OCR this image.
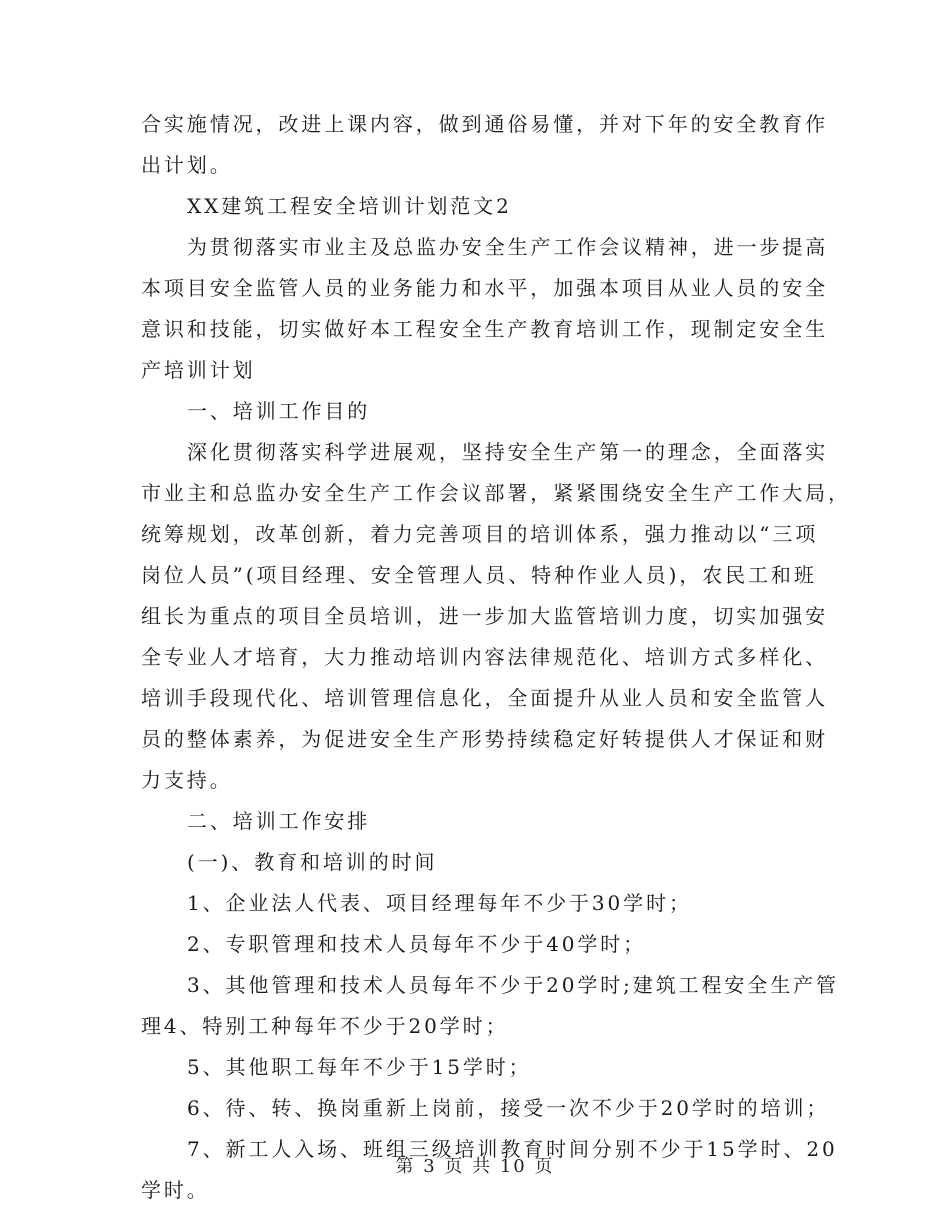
合实施情况，改进上课内容，做到通俗易懂，并对下年的安全教育作
出计划。
XX建筑工程安全培训计划范文2
为贯彻落实市业主及总监办安全生产工作会议精神，进一步提高
本项目安全监管人员的业务能力和水平，加强本项目从业人员的安全
意识和技能，切实做好本工程安全生产教育培训工作，现制定安全生
产培训计划
一、培训工作目的
深化贯彻落实科学进展观，坚持安全生产第一的理念，全面落实
市业主和总监办安全生产工作会议部署，紧紧围绕安全生产工作大局，
统筹规划，改革创新，着力完善项目的培训体系，强力推动以“三项
岗位人员”(项目经理、安全管理人员、特种作业人员)，农民工和班
组长为重点的项目全员培训，进一步加大监管培训力度，切实加强安
全专业人才培育，大力推动培训内容法律规范化、培训方式多样化、
培训手段现代化、培训管理信息化，全面提升从业人员和安全监管人
员的整体素养，为促进安全生产形势持续稳定好转提供人才保证和财
力支持。
二、培训工作安排
(一)、教育和培训的时间
1、企业法人代表、项目经理每年不少于30学时；
2、专职管理和技术人员每年不少于40学时；
3、其他管理和技术人员每年不少于20学时;建筑工程安全生产管
理4、特别工种每年不少于20学时；
5、其他职工每年不少于15学时；
6、待、转、换岗重新上岗前，接受一次不少于20学时的培训；
7、新工人入场、班组三级培训教育时间分别不少于15学时、20
学时。
第 3 页 共 10 页
